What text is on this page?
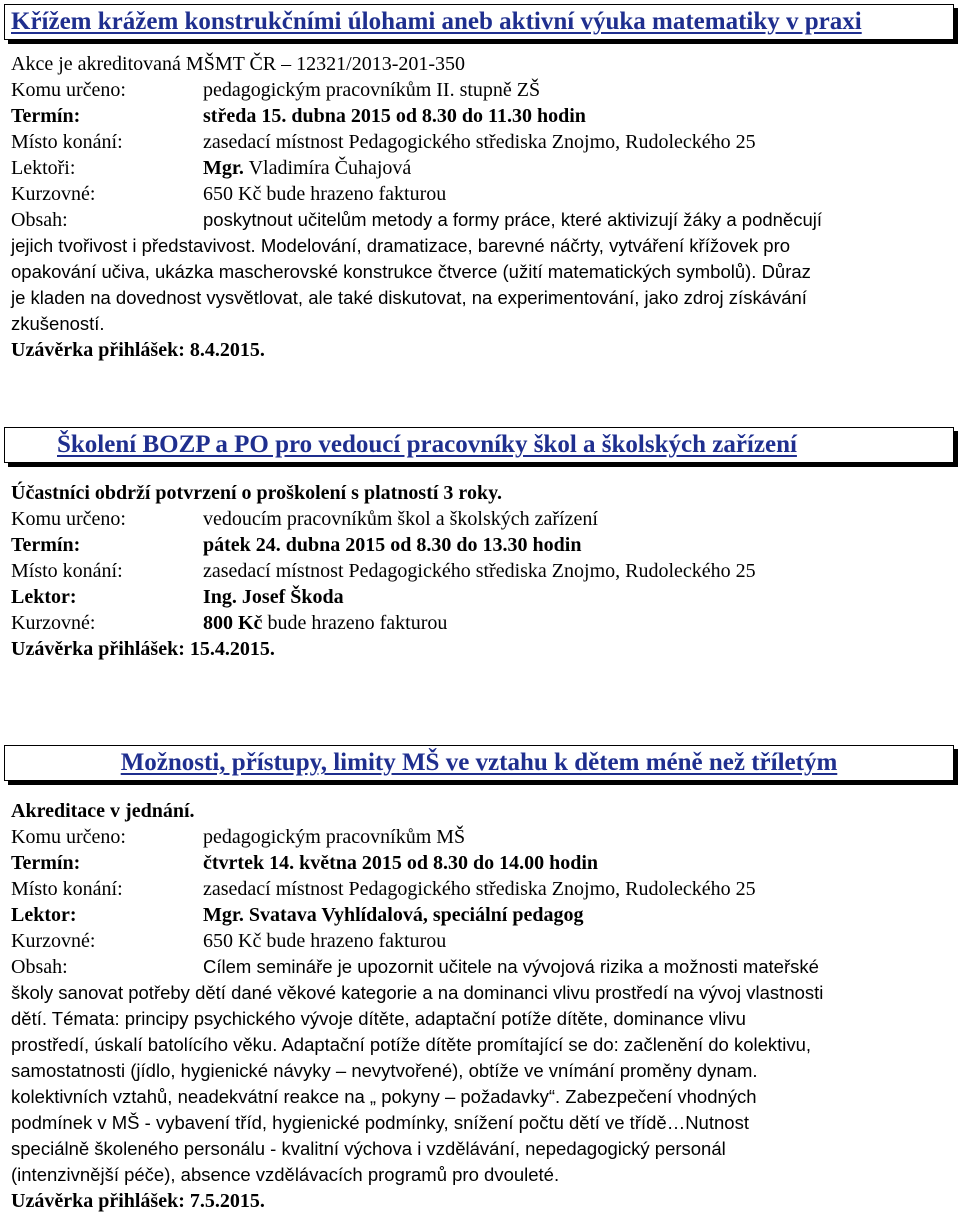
Křížem krážem konstrukčními úlohami aneb aktivní výuka matematiky v praxi
Akce je akreditovaná MŠMT ČR – 12321/2013-201-350
Komu určeno:	pedagogickým pracovníkům II. stupně ZŠ
Termín:	středa 15. dubna 2015 od 8.30 do 11.30 hodin
Místo konání:	zasedací místnost Pedagogického střediska Znojmo, Rudoleckého 25
Lektoři:	Mgr. Vladimíra Čuhajová
Kurzovné:	650 Kč bude hrazeno fakturou
Obsah:	poskytnout učitelům metody a formy práce, které aktivizují žáky a podněcují
jejich tvořivost i představivost. Modelování, dramatizace, barevné náčrty, vytváření křížovek pro
opakování učiva, ukázka mascherovské konstrukce čtverce (užití matematických symbolů). Důraz
je kladen na dovednost vysvětlovat, ale také diskutovat, na experimentování, jako zdroj získávání
zkušeností.
Uzávěrka přihlášek: 8.4.2015.
Školení BOZP a PO pro vedoucí pracovníky škol a školských zařízení
Účastníci obdrží potvrzení o proškolení s platností 3 roky.
Komu určeno:	vedoucím pracovníkům škol a školských zařízení
Termín:	pátek 24. dubna 2015 od 8.30 do 13.30 hodin
Místo konání:	zasedací místnost Pedagogického střediska Znojmo, Rudoleckého 25
Lektor:	Ing. Josef Škoda
Kurzovné:	800 Kč bude hrazeno fakturou
Uzávěrka přihlášek: 15.4.2015.
Možnosti, přístupy, limity MŠ ve vztahu k dětem méně než tříletým
Akreditace v jednání.
Komu určeno:	pedagogickým pracovníkům MŠ
Termín:	čtvrtek 14. května 2015 od 8.30 do 14.00 hodin
Místo konání:	zasedací místnost Pedagogického střediska Znojmo, Rudoleckého 25
Lektor:	Mgr. Svatava Vyhlídalová, speciální pedagog
Kurzovné:	650 Kč bude hrazeno fakturou
Obsah:	Cílem semináře je upozornit učitele na vývojová rizika a možnosti mateřské
školy sanovat potřeby dětí dané věkové kategorie a na dominanci vlivu prostředí na vývoj vlastnosti
dětí. Témata: principy psychického vývoje dítěte, adaptační potíže dítěte, dominance vlivu
prostředí, úskalí batolícího věku. Adaptační potíže dítěte promítající se do: začlenění do kolektivu,
samostatnosti (jídlo, hygienické návyky – nevytvořené), obtíže ve vnímání proměny dynam.
kolektivních vztahů, neadekvátní reakce na „ pokyny – požadavky“. Zabezpečení vhodných
podmínek v MŠ - vybavení tříd, hygienické podmínky, snížení počtu dětí ve třídě…Nutnost
speciálně školeného personálu - kvalitní výchova i vzdělávání, nepedagogický personál
(intenzivnější péče), absence vzdělávacích programů pro dvouleté.
Uzávěrka přihlášek: 7.5.2015.
